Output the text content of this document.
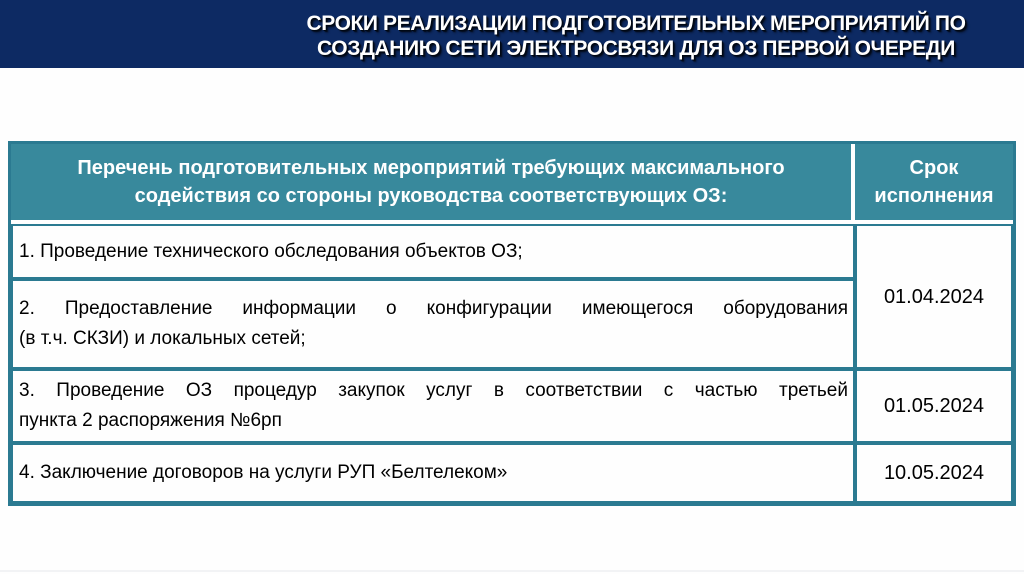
СРОКИ РЕАЛИЗАЦИИ ПОДГОТОВИТЕЛЬНЫХ МЕРОПРИЯТИЙ ПО
СОЗДАНИЮ СЕТИ ЭЛЕКТРОСВЯЗИ ДЛЯ ОЗ ПЕРВОЙ ОЧЕРЕДИ
Перечень подготовительных мероприятий требующих максимального
содействия со стороны руководства соответствующих ОЗ:
Срок исполнения
1. Проведение технического обследования объектов ОЗ;
01.04.2024
2. Предоставление информации о конфигурации имеющегося оборудования
(в т.ч. СКЗИ) и локальных сетей;
3. Проведение ОЗ процедур закупок услуг в соответствии с частью третьей
пункта 2 распоряжения №6рп
01.05.2024
4. Заключение договоров на услуги РУП «Белтелеком»	10.05.2024
